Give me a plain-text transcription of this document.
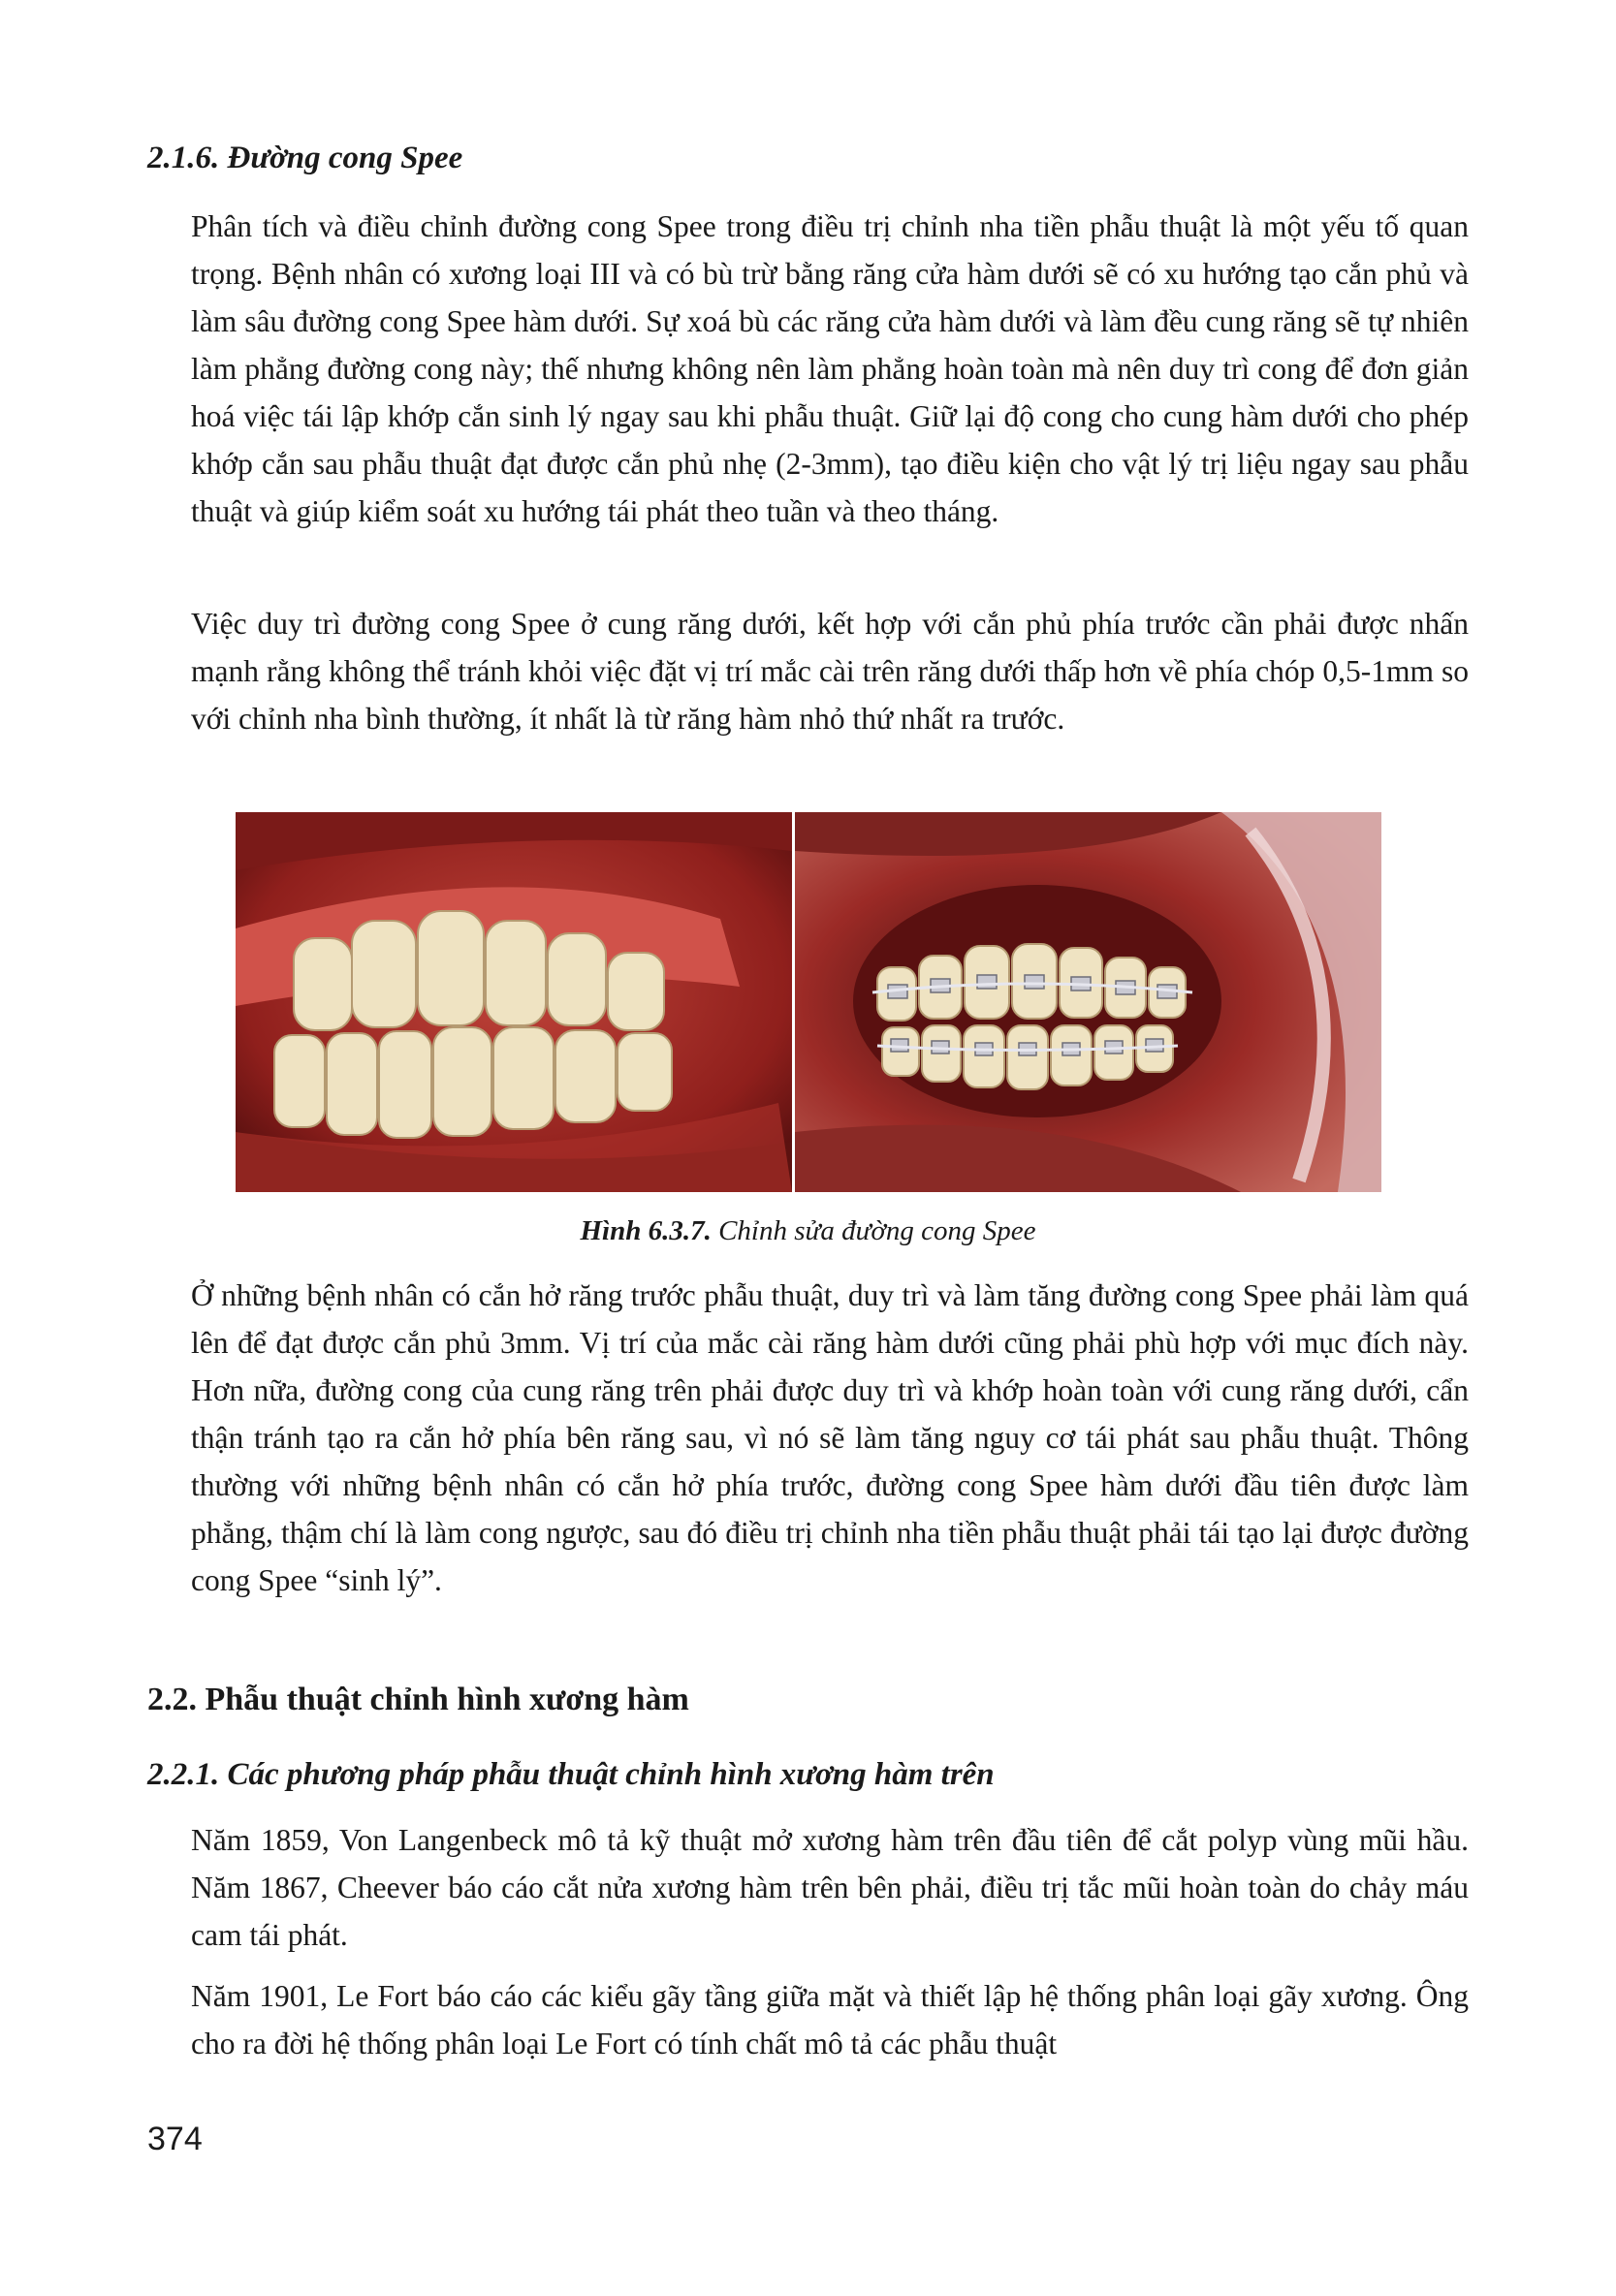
2.1.6. Đường cong Spee

Phân tích và điều chỉnh đường cong Spee trong điều trị chỉnh nha tiền phẫu thuật là một yếu tố quan trọng. Bệnh nhân có xương loại III và có bù trừ bằng răng cửa hàm dưới sẽ có xu hướng tạo cắn phủ và làm sâu đường cong Spee hàm dưới. Sự xoá bù các răng cửa hàm dưới và làm đều cung răng sẽ tự nhiên làm phẳng đường cong này; thế nhưng không nên làm phẳng hoàn toàn mà nên duy trì cong để đơn giản hoá việc tái lập khớp cắn sinh lý ngay sau khi phẫu thuật. Giữ lại độ cong cho cung hàm dưới cho phép khớp cắn sau phẫu thuật đạt được cắn phủ nhẹ (2-3mm), tạo điều kiện cho vật lý trị liệu ngay sau phẫu thuật và giúp kiểm soát xu hướng tái phát theo tuần và theo tháng.

Việc duy trì đường cong Spee ở cung răng dưới, kết hợp với cắn phủ phía trước cần phải được nhấn mạnh rằng không thể tránh khỏi việc đặt vị trí mắc cài trên răng dưới thấp hơn về phía chóp 0,5-1mm so với chỉnh nha bình thường, ít nhất là từ răng hàm nhỏ thứ nhất ra trước.

Hình 6.3.7. Chỉnh sửa đường cong Spee

Ở những bệnh nhân có cắn hở răng trước phẫu thuật, duy trì và làm tăng đường cong Spee phải làm quá lên để đạt được cắn phủ 3mm. Vị trí của mắc cài răng hàm dưới cũng phải phù hợp với mục đích này. Hơn nữa, đường cong của cung răng trên phải được duy trì và khớp hoàn toàn với cung răng dưới, cẩn thận tránh tạo ra cắn hở phía bên răng sau, vì nó sẽ làm tăng nguy cơ tái phát sau phẫu thuật. Thông thường với những bệnh nhân có cắn hở phía trước, đường cong Spee hàm dưới đầu tiên được làm phẳng, thậm chí là làm cong ngược, sau đó điều trị chỉnh nha tiền phẫu thuật phải tái tạo lại được đường cong Spee “sinh lý”.

2.2. Phẫu thuật chỉnh hình xương hàm
2.2.1. Các phương pháp phẫu thuật chỉnh hình xương hàm trên

Năm 1859, Von Langenbeck mô tả kỹ thuật mở xương hàm trên đầu tiên để cắt polyp vùng mũi hầu. Năm 1867, Cheever báo cáo cắt nửa xương hàm trên bên phải, điều trị tắc mũi hoàn toàn do chảy máu cam tái phát.

Năm 1901, Le Fort báo cáo các kiểu gãy tầng giữa mặt và thiết lập hệ thống phân loại gãy xương. Ông cho ra đời hệ thống phân loại Le Fort có tính chất mô tả các phẫu thuật

374
